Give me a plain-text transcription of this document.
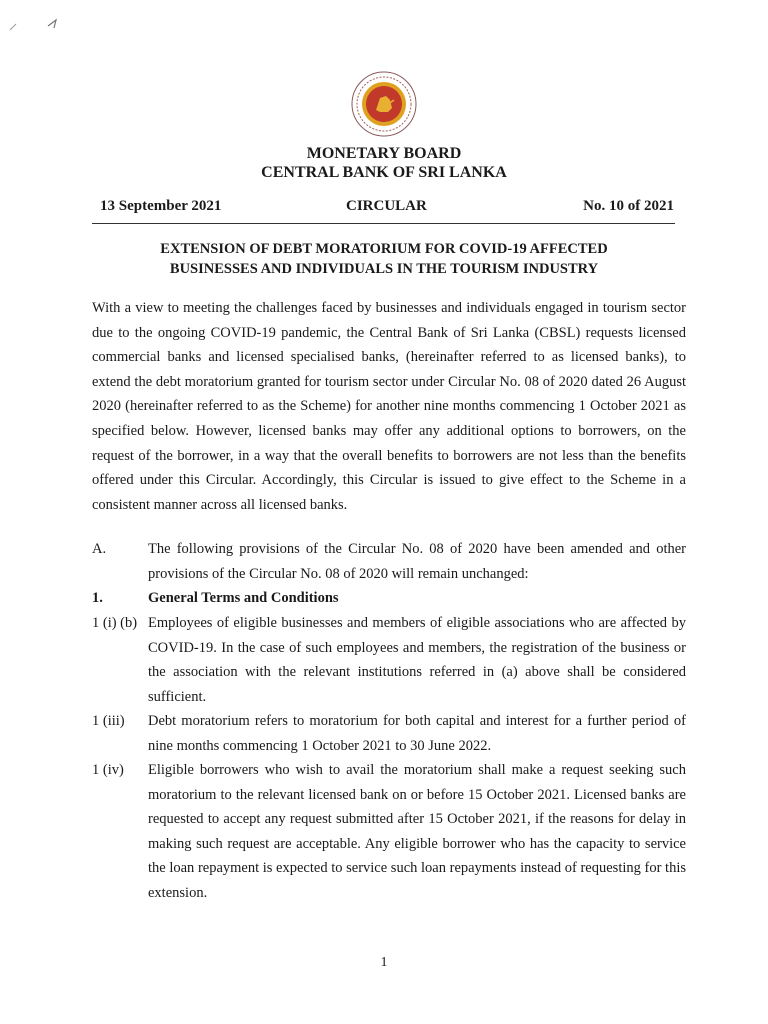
MONETARY BOARD
CENTRAL BANK OF SRI LANKA
13 September 2021	CIRCULAR	No. 10 of 2021
EXTENSION OF DEBT MORATORIUM FOR COVID-19 AFFECTED
BUSINESSES AND INDIVIDUALS IN THE TOURISM INDUSTRY

With a view to meeting the challenges faced by businesses and individuals engaged in tourism sector due to the ongoing COVID-19 pandemic, the Central Bank of Sri Lanka (CBSL) requests licensed commercial banks and licensed specialised banks, (hereinafter referred to as licensed banks), to extend the debt moratorium granted for tourism sector under Circular No. 08 of 2020 dated 26 August 2020 (hereinafter referred to as the Scheme) for another nine months commencing 1 October 2021 as specified below. However, licensed banks may offer any additional options to borrowers, on the request of the borrower, in a way that the overall benefits to borrowers are not less than the benefits offered under this Circular. Accordingly, this Circular is issued to give effect to the Scheme in a consistent manner across all licensed banks.

A.	The following provisions of the Circular No. 08 of 2020 have been amended and other provisions of the Circular No. 08 of 2020 will remain unchanged:

1.	General Terms and Conditions
1 (i) (b) Employees of eligible businesses and members of eligible associations who are affected by COVID-19. In the case of such employees and members, the registration of the business or the association with the relevant institutions referred in (a) above shall be considered sufficient.

1 (iii) Debt moratorium refers to moratorium for both capital and interest for a further period of nine months commencing 1 October 2021 to 30 June 2022.

1 (iv) Eligible borrowers who wish to avail the moratorium shall make a request seeking such moratorium to the relevant licensed bank on or before 15 October 2021. Licensed banks are requested to accept any request submitted after 15 October 2021, if the reasons for delay in making such request are acceptable. Any eligible borrower who has the capacity to service the loan repayment is expected to service such loan repayments instead of requesting for this extension.

1
